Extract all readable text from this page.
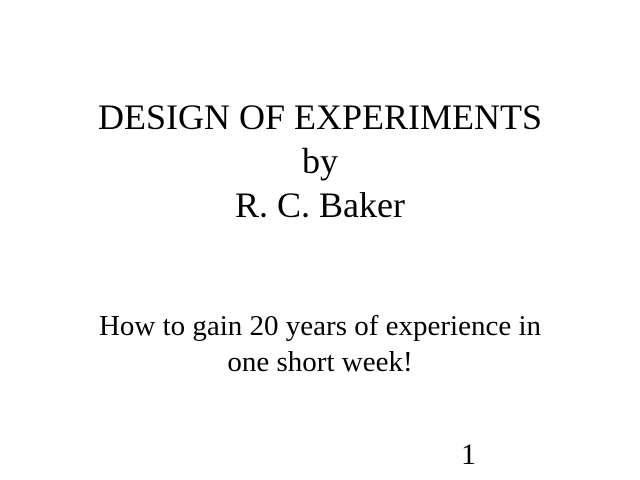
DESIGN OF EXPERIMENTS
by
R. C. Baker
How to gain 20 years of experience in
one short week!
1
